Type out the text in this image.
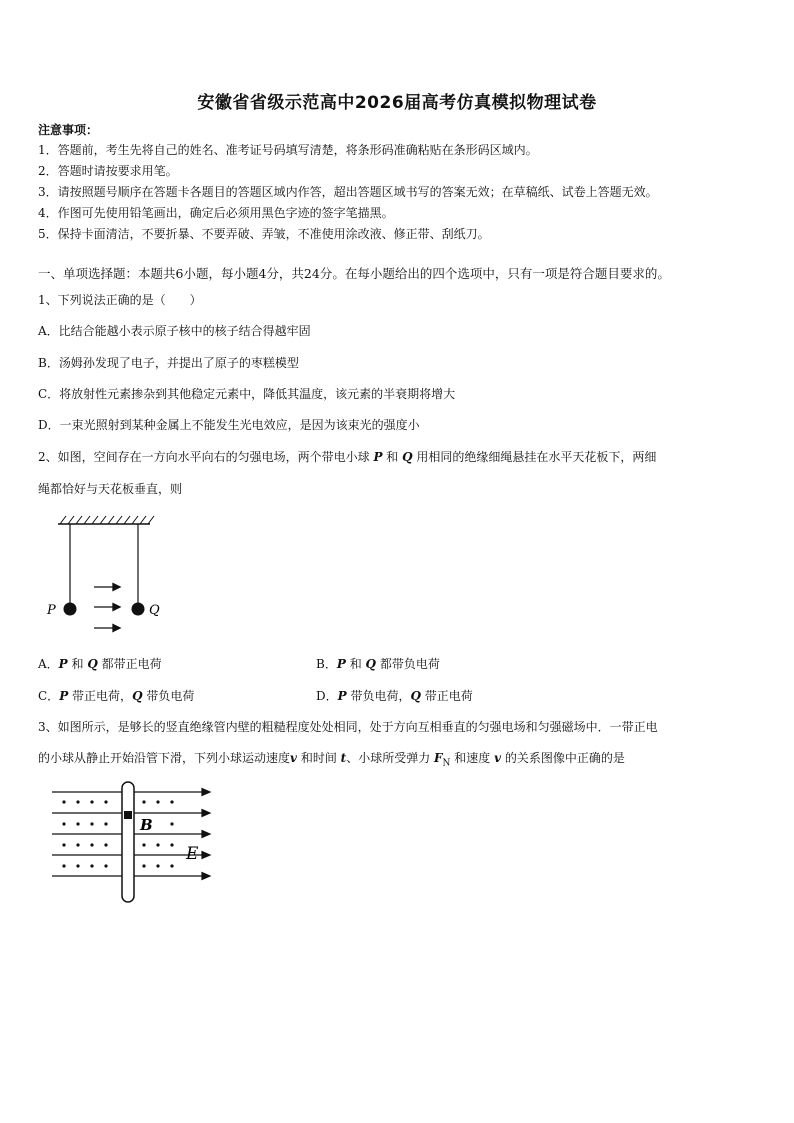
安徽省省级示范高中2026届高考仿真模拟物理试卷
注意事项：
1．答题前，考生先将自己的姓名、准考证号码填写清楚，将条形码准确粘贴在条形码区域内。
2．答题时请按要求用笔。
3．请按照题号顺序在答题卡各题目的答题区域内作答，超出答题区域书写的答案无效；在草稿纸、试卷上答题无效。
4．作图可先使用铅笔画出，确定后必须用黑色字迹的签字笔描黑。
5．保持卡面清洁，不要折暴、不要弄破、弄皱，不准使用涂改液、修正带、刮纸刀。
一、单项选择题：本题共6小题，每小题4分，共24分。在每小题给出的四个选项中，只有一项是符合题目要求的。
1、下列说法正确的是（　　）
A．比结合能越小表示原子核中的核子结合得越牢固
B．汤姆孙发现了电子，并提出了原子的枣糕模型
C．将放射性元素掺杂到其他稳定元素中，降低其温度，该元素的半衰期将增大
D．一束光照射到某种金属上不能发生光电效应，是因为该束光的强度小
2、如图，空间存在一方向水平向右的匀强电场，两个带电小球 P 和 Q 用相同的绝缘细绳悬挂在水平天花板下，两细
绳都恰好与天花板垂直，则
P	Q
A．P 和 Q 都带正电荷	B．P 和 Q 都带负电荷
C．P 带正电荷，Q 带负电荷	D．P 带负电荷，Q 带正电荷
3、如图所示，是够长的竖直绝缘管内壁的粗糙程度处处相同，处于方向互相垂直的匀强电场和匀强磁场中．一带正电
的小球从静止开始沿管下滑，下列小球运动速度v 和时间 t、小球所受弹力 $F_N$ 和速度 v 的关系图像中正确的是
B
E
